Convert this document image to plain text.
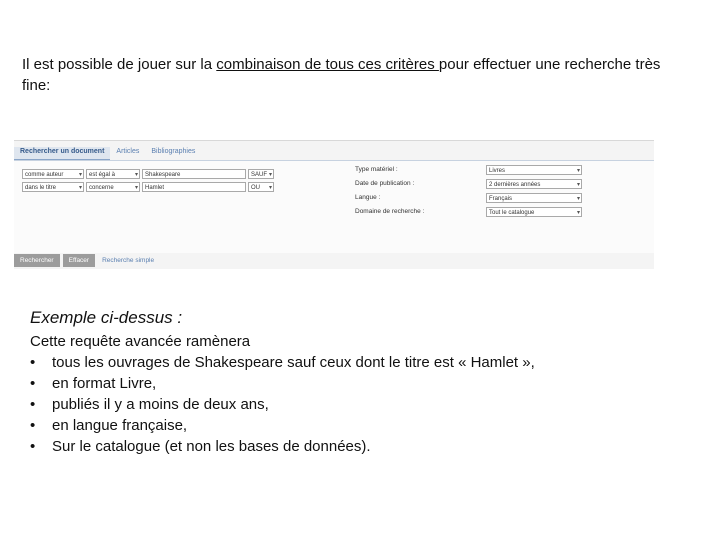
Il est possible de jouer sur la combinaison de tous ces critères pour effectuer une recherche très fine:
Rechercher un document	Articles	Bibliographies
comme auteur ▾	est égal à ▾	Shakespeare	SAUF ▾
dans le titre ▾	concerne ▾	Hamlet	OU ▾
Type matériel :	Livres ▾
Date de publication :	2 dernières années ▾
Langue :	Français ▾
Domaine de recherche :	Tout le catalogue ▾
Rechercher	Effacer	Recherche simple
Exemple ci-dessus :
Cette requête avancée ramènera
• tous les ouvrages de Shakespeare sauf ceux dont le titre est « Hamlet »,
• en format Livre,
• publiés il y a moins de deux ans,
• en langue française,
• Sur le catalogue (et non les bases de données).
